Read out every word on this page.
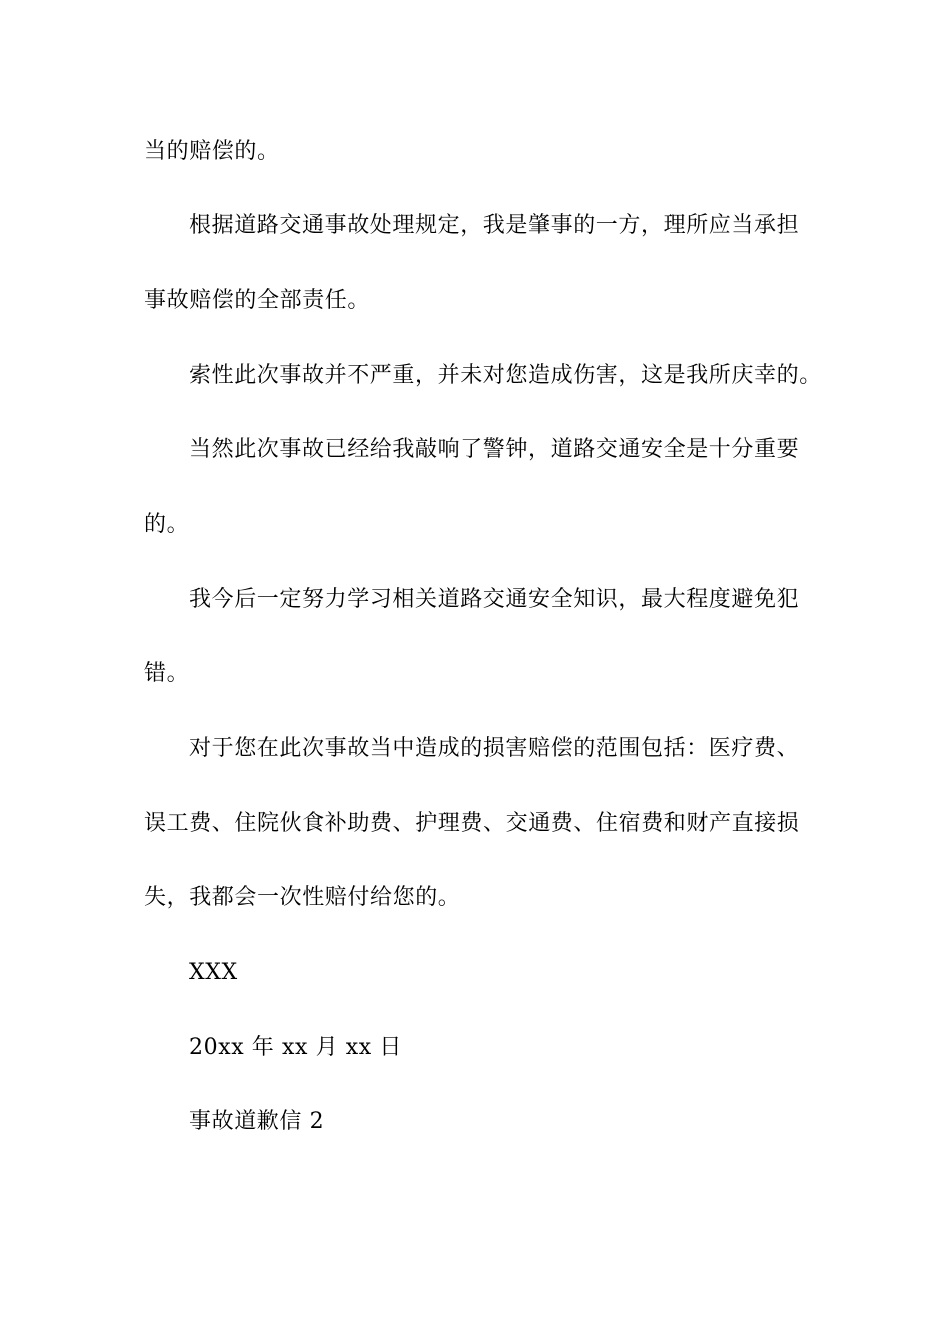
当的赔偿的。
根据道路交通事故处理规定，我是肇事的一方，理所应当承担
事故赔偿的全部责任。
索性此次事故并不严重，并未对您造成伤害，这是我所庆幸的。
当然此次事故已经给我敲响了警钟，道路交通安全是十分重要
的。
我今后一定努力学习相关道路交通安全知识，最大程度避免犯
错。
对于您在此次事故当中造成的损害赔偿的范围包括：医疗费、
误工费、住院伙食补助费、护理费、交通费、住宿费和财产直接损
失，我都会一次性赔付给您的。
XXX
20xx 年 xx 月 xx 日
事故道歉信 2
